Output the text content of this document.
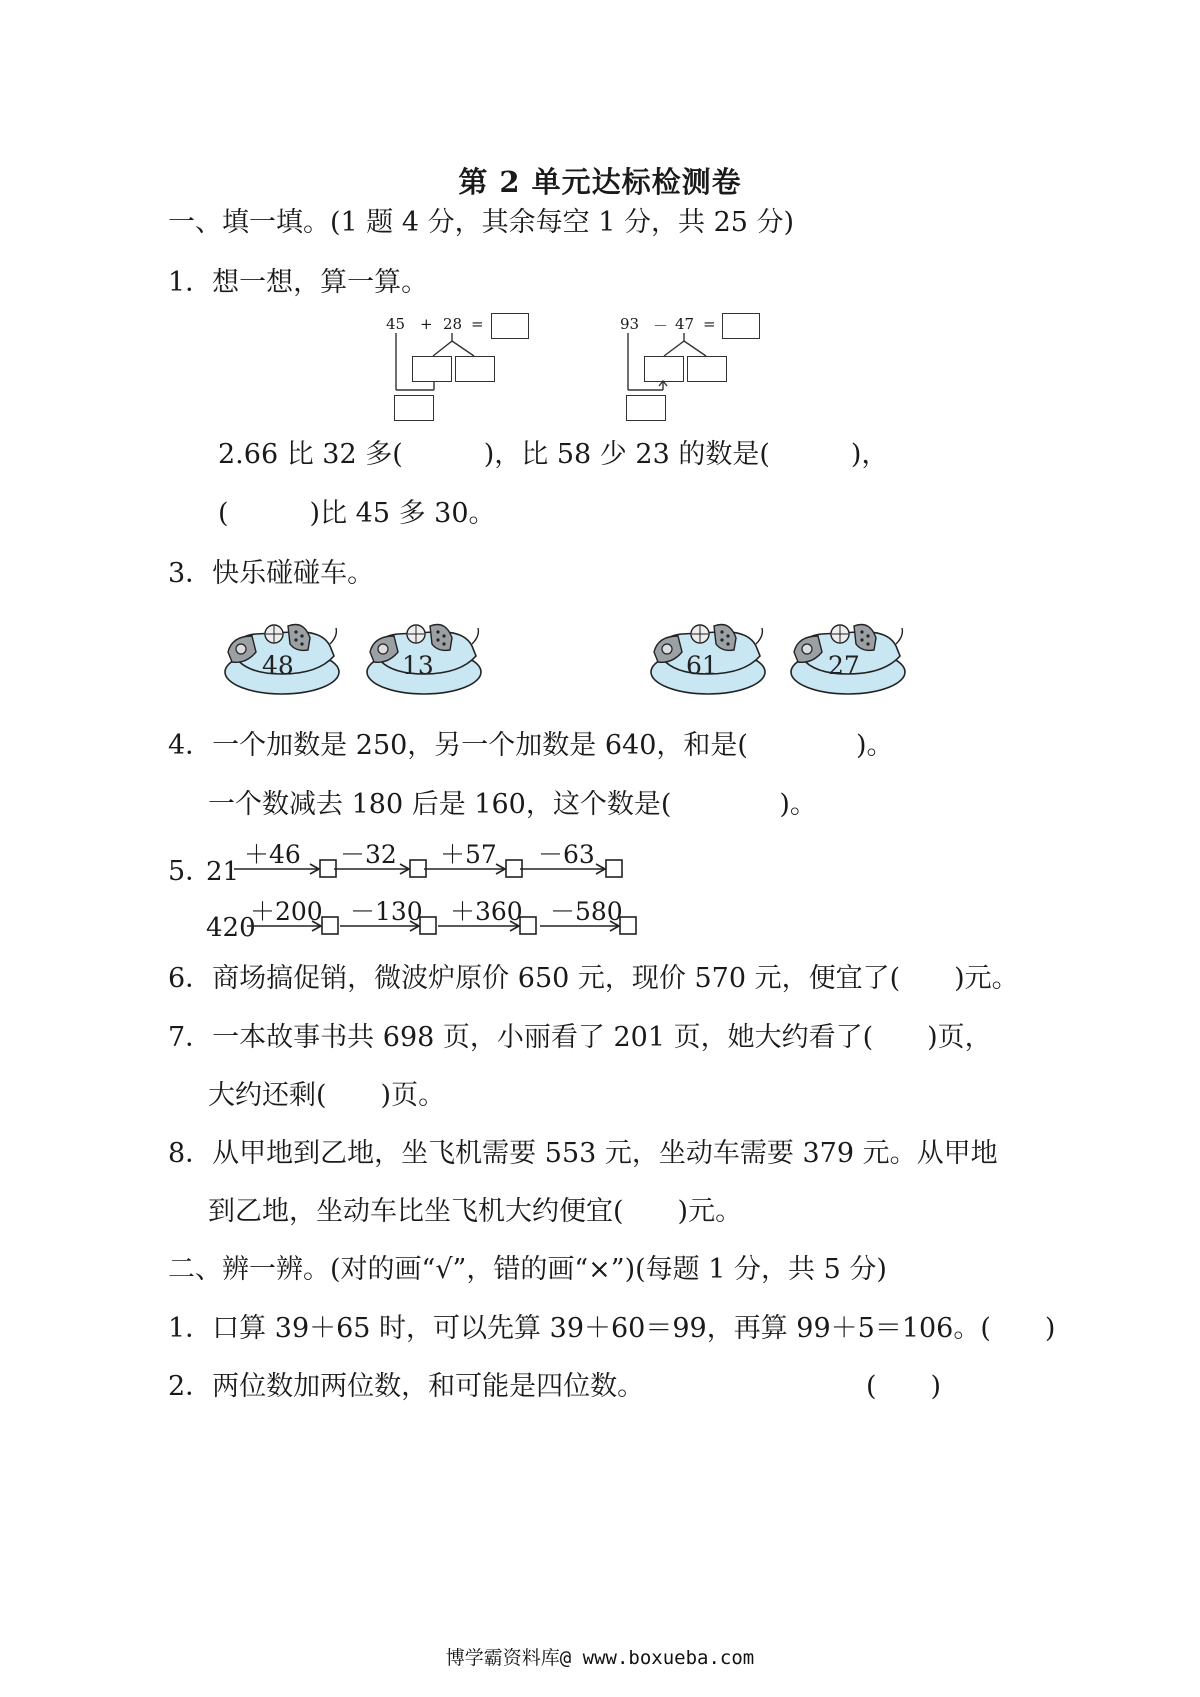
第 2 单元达标检测卷
一、填一填。(1 题 4 分，其余每空 1 分，共 25 分)
1．想一想，算一算。
45 + 28 =	93 － 47 =
2.66 比 32 多(　　　)，比 58 少 23 的数是(　　　)，
(　　　)比 45 多 30。
3．快乐碰碰车。
48	13	61	27
4．一个加数是 250，另一个加数是 640，和是(　　　　)。
一个数减去 180 后是 160，这个数是(　　　　)。
5．
21
＋46 －32 ＋57 －63
420
＋200 －130 ＋360 －580
6．商场搞促销，微波炉原价 650 元，现价 570 元，便宜了(　　)元。
7．一本故事书共 698 页，小丽看了 201 页，她大约看了(　　)页，
大约还剩(　　)页。
8．从甲地到乙地，坐飞机需要 553 元，坐动车需要 379 元。从甲地
到乙地，坐动车比坐飞机大约便宜(　　)元。
二、辨一辨。(对的画“√”，错的画“×”)(每题 1 分，共 5 分)
1．口算 39＋65 时，可以先算 39＋60＝99，再算 99＋5＝106。(　　)
2．两位数加两位数，和可能是四位数。	(　　)
博学霸资料库@ www.boxueba.com
